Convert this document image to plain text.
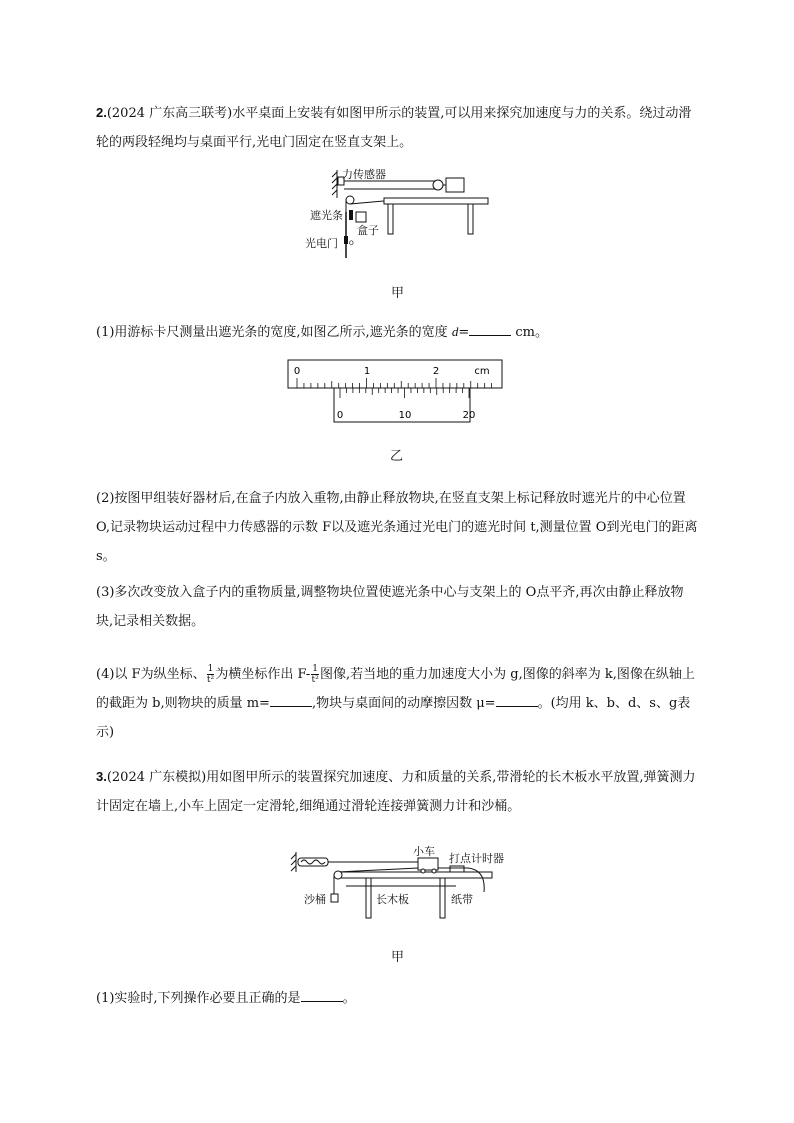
2.(2024 广东高三联考)水平桌面上安装有如图甲所示的装置,可以用来探究加速度与力的关系。绕过动滑轮的两段轻绳均与桌面平行,光电门固定在竖直支架上。

O
力传感器
遮光条
盒子
光电门
甲

(1)用游标卡尺测量出遮光条的宽度,如图乙所示,遮光条的宽度 d=	cm。

0	1	2	cm
0	10	20
乙

(2)按图甲组装好器材后,在盒子内放入重物,由静止释放物块,在竖直支架上标记释放时遮光片的中心位置 O,记录物块运动过程中力传感器的示数 F以及遮光条通过光电门的遮光时间 t,测量位置 O到光电门的距离 s。

(3)多次改变放入盒子内的重物质量,调整物块位置使遮光条中心与支架上的 O点平齐,再次由静止释放物块,记录相关数据。

(4)以 F为纵坐标、 $\frac{1}{\text{t²}}$ 为横坐标作出 $F- \frac{1}{\text{t²}}$ 图像,若当地的重力加速度大小为 g,图像的斜率为 k,图像在纵轴上的截距为 b,则物块的质量 m=	,物块与桌面间的动摩擦因数 μ=	。(均用 k、b、d、s、g表示)

3.(2024 广东模拟)用如图甲所示的装置探究加速度、力和质量的关系,带滑轮的长木板水平放置,弹簧测力计固定在墙上,小车上固定一定滑轮,细绳通过滑轮连接弹簧测力计和沙桶。

小车
打点计时器
沙桶	长木板	纸带
甲

(1)实验时,下列操作必要且正确的是	。
